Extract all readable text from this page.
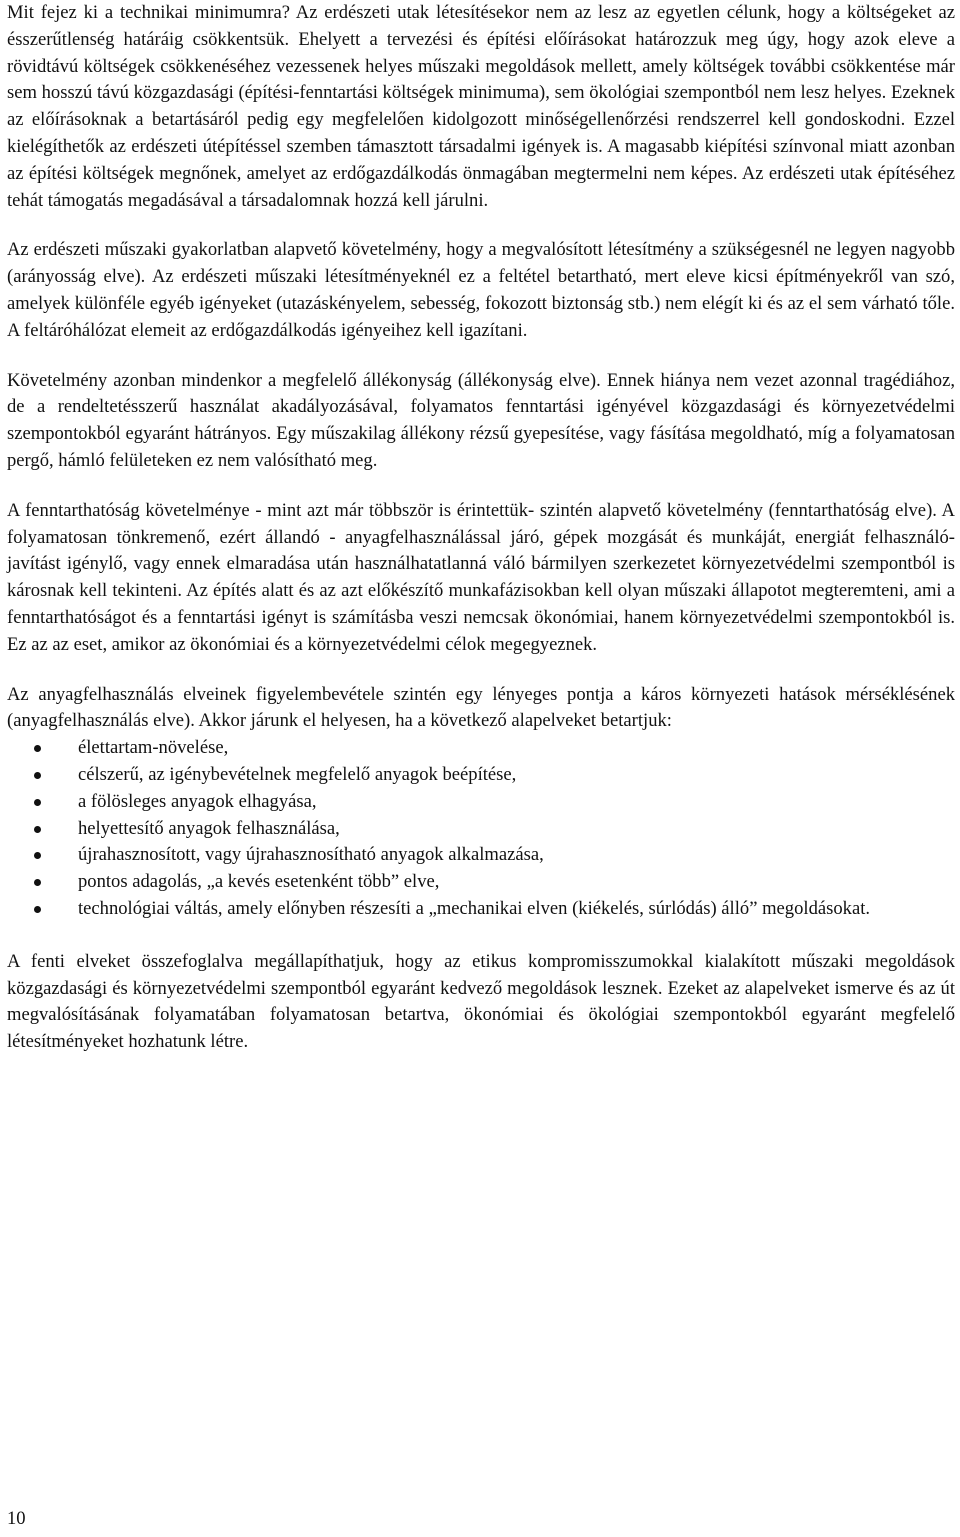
Mit fejez ki a technikai minimumra? Az erdészeti utak létesítésekor nem az lesz az egyetlen célunk, hogy a költségeket az ésszerűtlenség határáig csökkentsük. Ehelyett a tervezési és építési előírásokat határozzuk meg úgy, hogy azok eleve a rövidtávú költségek csökkenéséhez vezessenek helyes műszaki megoldások mellett, amely költségek további csökkentése már sem hosszú távú közgazdasági (építési-fenntartási költségek minimuma), sem ökológiai szempontból nem lesz helyes. Ezeknek az előírásoknak a betartásáról pedig egy megfelelően kidolgozott minőségellenőrzési rendszerrel kell gondoskodni. Ezzel kielégíthetők az erdészeti útépítéssel szemben támasztott társadalmi igények is. A magasabb kiépítési színvonal miatt azonban az építési költségek megnőnek, amelyet az erdőgazdálkodás önmagában megtermelni nem képes. Az erdészeti utak építéséhez tehát támogatás megadásával a társadalomnak hozzá kell járulni.

Az erdészeti műszaki gyakorlatban alapvető követelmény, hogy a megvalósított létesítmény a szükségesnél ne legyen nagyobb (arányosság elve). Az erdészeti műszaki létesítményeknél ez a feltétel betartható, mert eleve kicsi építményekről van szó, amelyek különféle egyéb igényeket (utazáskényelem, sebesség, fokozott biztonság stb.) nem elégít ki és az el sem várható tőle. A feltáróhálózat elemeit az erdőgazdálkodás igényeihez kell igazítani.

Követelmény azonban mindenkor a megfelelő állékonyság (állékonyság elve). Ennek hiánya nem vezet azonnal tragédiához, de a rendeltetésszerű használat akadályozásával, folyamatos fenntartási igényével közgazdasági és környezetvédelmi szempontokból egyaránt hátrányos. Egy műszakilag állékony rézsű gyepesítése, vagy fásítása megoldható, míg a folyamatosan pergő, hámló felületeken ez nem valósítható meg.

A fenntarthatóság követelménye - mint azt már többször is érintettük- szintén alapvető követelmény (fenntarthatóság elve). A folyamatosan tönkremenő, ezért állandó - anyagfelhasználással járó, gépek mozgását és munkáját, energiát felhasználó- javítást igénylő, vagy ennek elmaradása után használhatatlanná váló bármilyen szerkezetet környezetvédelmi szempontból is károsnak kell tekinteni. Az építés alatt és az azt előkészítő munkafázisokban kell olyan műszaki állapotot megteremteni, ami a fenntarthatóságot és a fenntartási igényt is számításba veszi nemcsak ökonómiai, hanem környezetvédelmi szempontokból is. Ez az az eset, amikor az ökonómiai és a környezetvédelmi célok megegyeznek.

Az anyagfelhasználás elveinek figyelembevétele szintén egy lényeges pontja a káros környezeti hatások mérséklésének (anyagfelhasználás elve). Akkor járunk el helyesen, ha a következő alapelveket betartjuk:

élettartam-növelése,
célszerű, az igénybevételnek megfelelő anyagok beépítése,
a fölösleges anyagok elhagyása,
helyettesítő anyagok felhasználása,
újrahasznosított, vagy újrahasznosítható anyagok alkalmazása,
pontos adagolás, „a kevés esetenként több” elve,
technológiai váltás, amely előnyben részesíti a „mechanikai elven (kiékelés, súrlódás) álló” megoldásokat.

A fenti elveket összefoglalva megállapíthatjuk, hogy az etikus kompromisszumokkal kialakított műszaki megoldások közgazdasági és környezetvédelmi szempontból egyaránt kedvező megoldások lesznek. Ezeket az alapelveket ismerve és az út megvalósításának folyamatában folyamatosan betartva, ökonómiai és ökológiai szempontokból egyaránt megfelelő létesítményeket hozhatunk létre.

10
